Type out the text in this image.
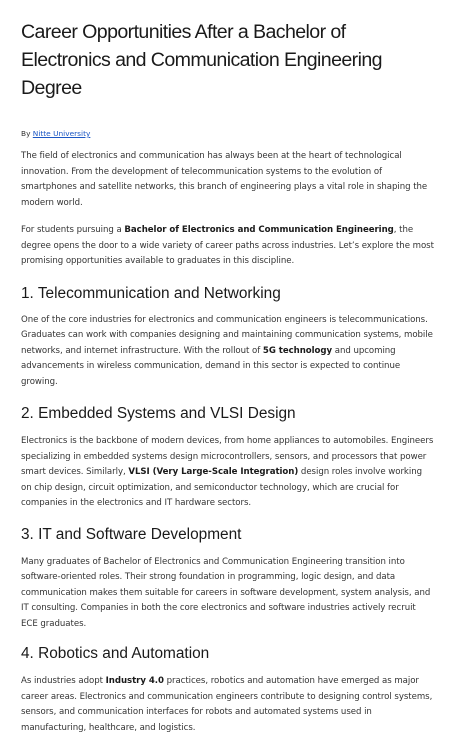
Career Opportunities After a Bachelor of Electronics and Communication Engineering Degree
By Nitte University

The field of electronics and communication has always been at the heart of technological innovation. From the development of telecommunication systems to the evolution of smartphones and satellite networks, this branch of engineering plays a vital role in shaping the modern world.

For students pursuing a Bachelor of Electronics and Communication Engineering, the degree opens the door to a wide variety of career paths across industries. Let’s explore the most promising opportunities available to graduates in this discipline.

1. Telecommunication and Networking

One of the core industries for electronics and communication engineers is telecommunications. Graduates can work with companies designing and maintaining communication systems, mobile networks, and internet infrastructure. With the rollout of 5G technology and upcoming advancements in wireless communication, demand in this sector is expected to continue growing.

2. Embedded Systems and VLSI Design

Electronics is the backbone of modern devices, from home appliances to automobiles. Engineers specializing in embedded systems design microcontrollers, sensors, and processors that power smart devices. Similarly, VLSI (Very Large-Scale Integration) design roles involve working on chip design, circuit optimization, and semiconductor technology, which are crucial for companies in the electronics and IT hardware sectors.

3. IT and Software Development

Many graduates of Bachelor of Electronics and Communication Engineering transition into software-oriented roles. Their strong foundation in programming, logic design, and data communication makes them suitable for careers in software development, system analysis, and IT consulting. Companies in both the core electronics and software industries actively recruit ECE graduates.

4. Robotics and Automation

As industries adopt Industry 4.0 practices, robotics and automation have emerged as major career areas. Electronics and communication engineers contribute to designing control systems, sensors, and communication interfaces for robots and automated systems used in manufacturing, healthcare, and logistics.
